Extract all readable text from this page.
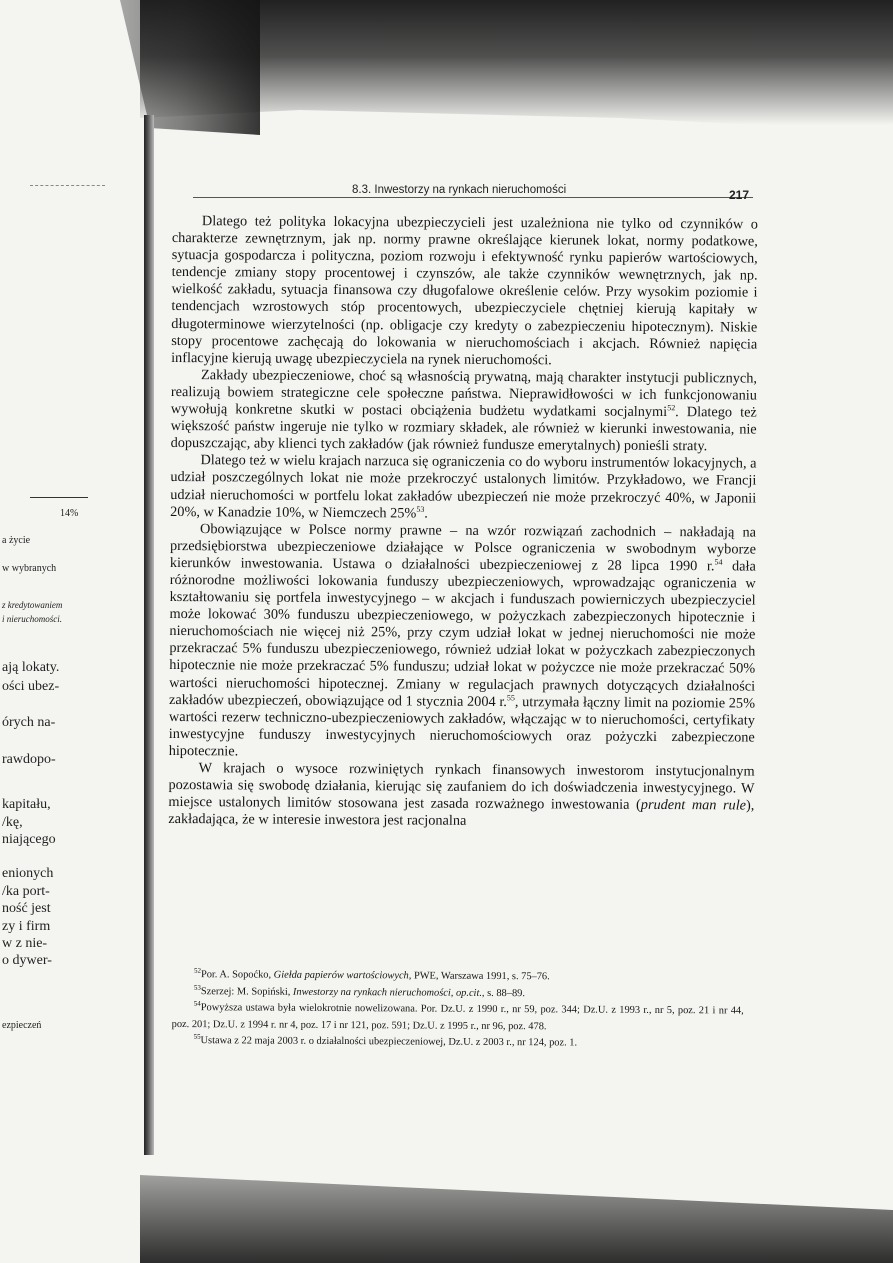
14%
a życie
w wybranych
z kredytowaniem
i nieruchomości.
ają lokaty.
ości ubez-
órych na-
rawdopo-
kapitału,
/kę,
niającego
enionych
/ka port-
ność jest
zy i firm
w z nie-
o dywer-
ezpieczeń
8.3. Inwestorzy na rynkach nieruchomości	217

Dlatego też polityka lokacyjna ubezpieczycieli jest uzależniona nie tylko od czynników o charakterze zewnętrznym, jak np. normy prawne określające kierunek lokat, normy podatkowe, sytuacja gospodarcza i polityczna, poziom rozwoju i efektywność rynku papierów wartościowych, tendencje zmiany stopy procentowej i czynszów, ale także czynników wewnętrznych, jak np. wielkość zakładu, sytuacja finansowa czy długofalowe określenie celów. Przy wysokim poziomie i tendencjach wzrostowych stóp procentowych, ubezpieczyciele chętniej kierują kapitały w długoterminowe wierzytelności (np. obligacje czy kredyty o zabezpieczeniu hipotecznym). Niskie stopy procentowe zachęcają do lokowania w nieruchomościach i akcjach. Również napięcia inflacyjne kierują uwagę ubezpieczyciela na rynek nieruchomości.

Zakłady ubezpieczeniowe, choć są własnością prywatną, mają charakter instytucji publicznych, realizują bowiem strategiczne cele społeczne państwa. Nieprawidłowości w ich funkcjonowaniu wywołują konkretne skutki w postaci obciążenia budżetu wydatkami socjalnymi$^{52}$. Dlatego też większość państw ingeruje nie tylko w rozmiary składek, ale również w kierunki inwestowania, nie dopuszczając, aby klienci tych zakładów (jak również fundusze emerytalnych) ponieśli straty.

Dlatego też w wielu krajach narzuca się ograniczenia co do wyboru instrumentów lokacyjnych, a udział poszczególnych lokat nie może przekroczyć ustalonych limitów. Przykładowo, we Francji udział nieruchomości w portfelu lokat zakładów ubezpieczeń nie może przekroczyć 40%, w Japonii 20%, w Kanadzie 10%, w Niemczech 25%$^{53}$.

Obowiązujące w Polsce normy prawne – na wzór rozwiązań zachodnich – nakładają na przedsiębiorstwa ubezpieczeniowe działające w Polsce ograniczenia w swobodnym wyborze kierunków inwestowania. Ustawa o działalności ubezpieczeniowej z 28 lipca 1990 r.$^{54}$ dała różnorodne możliwości lokowania funduszy ubezpieczeniowych, wprowadzając ograniczenia w kształtowaniu się portfela inwestycyjnego – w akcjach i funduszach powierniczych ubezpieczyciel może lokować 30% funduszu ubezpieczeniowego, w pożyczkach zabezpieczonych hipotecznie i nieruchomościach nie więcej niż 25%, przy czym udział lokat w jednej nieruchomości nie może przekraczać 5% funduszu ubezpieczeniowego, również udział lokat w pożyczkach zabezpieczonych hipotecznie nie może przekraczać 5% funduszu; udział lokat w pożyczce nie może przekraczać 50% wartości nieruchomości hipotecznej. Zmiany w regulacjach prawnych dotyczących działalności zakładów ubezpieczeń, obowiązujące od 1 stycznia 2004 r.$^{55}$, utrzymała łączny limit na poziomie 25% wartości rezerw techniczno-ubezpieczeniowych zakładów, włączając w to nieruchomości, certyfikaty inwestycyjne funduszy inwestycyjnych nieruchomościowych oraz pożyczki zabezpieczone hipotecznie.

W krajach o wysoce rozwiniętych rynkach finansowych inwestorom instytucjonalnym pozostawia się swobodę działania, kierując się zaufaniem do ich doświadczenia inwestycyjnego. W miejsce ustalonych limitów stosowana jest zasada rozważnego inwestowania (prudent man rule), zakładająca, że w interesie inwestora jest racjonalna

$^{52}$Por. A. Sopoćko, Giełda papierów wartościowych, PWE, Warszawa 1991, s. 75–76.

$^{53}$Szerzej: M. Sopiński, Inwestorzy na rynkach nieruchomości, op.cit., s. 88–89.

$^{54}$Powyższa ustawa była wielokrotnie nowelizowana. Por. Dz.U. z 1990 r., nr 59, poz. 344; Dz.U. z 1993 r., nr 5, poz. 21 i nr 44, poz. 201; Dz.U. z 1994 r. nr 4, poz. 17 i nr 121, poz. 591; Dz.U. z 1995 r., nr 96, poz. 478.

$^{55}$Ustawa z 22 maja 2003 r. o działalności ubezpieczeniowej, Dz.U. z 2003 r., nr 124, poz. 1.
